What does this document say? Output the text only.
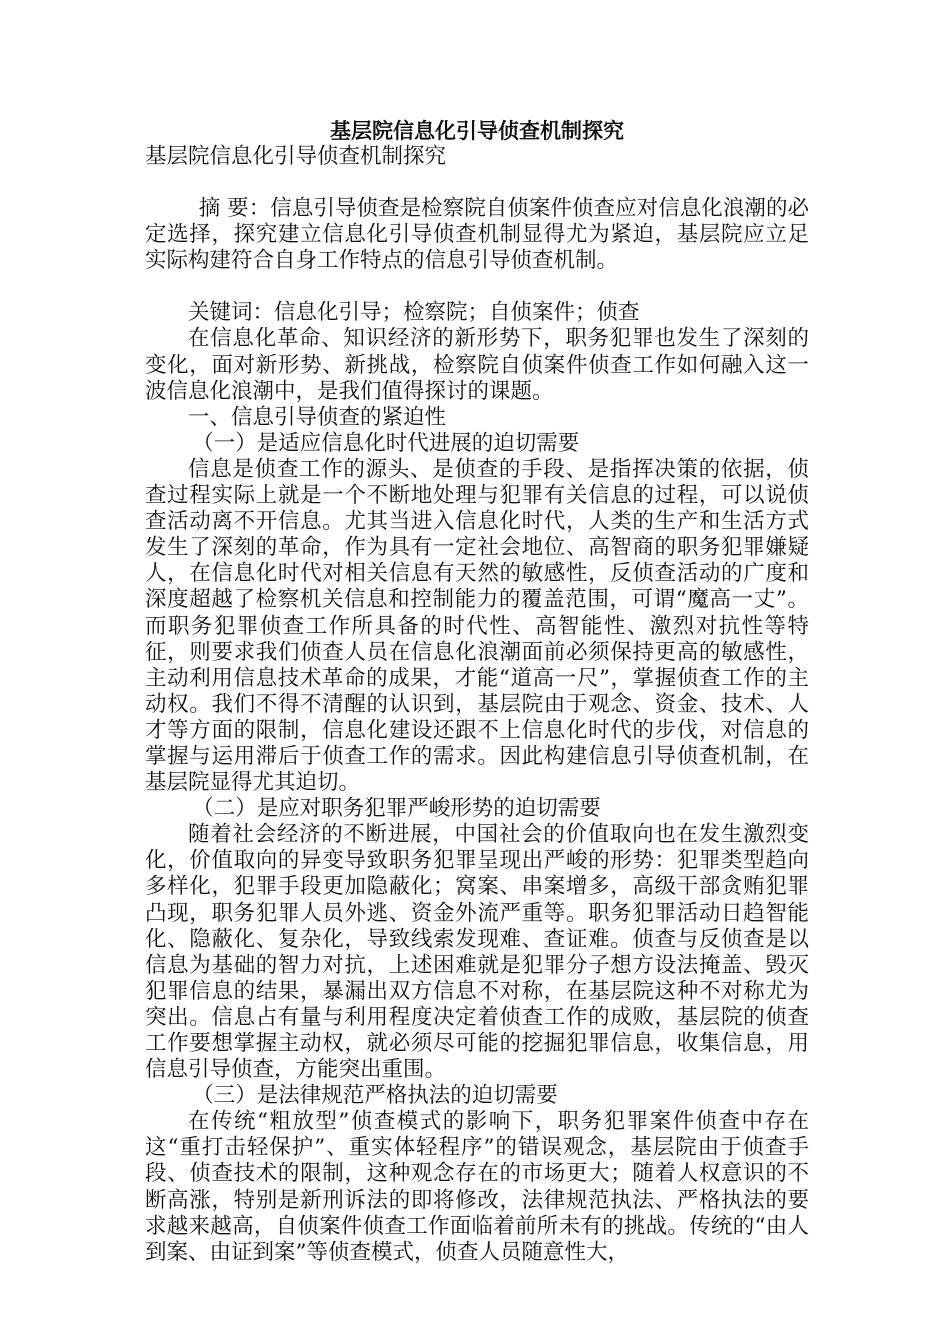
基层院信息化引导侦查机制探究

基层院信息化引导侦查机制探究

摘 要：信息引导侦查是检察院自侦案件侦查应对信息化浪潮的必定选择，探究建立信息化引导侦查机制显得尤为紧迫，基层院应立足实际构建符合自身工作特点的信息引导侦查机制。

关键词：信息化引导；检察院；自侦案件；侦查

在信息化革命、知识经济的新形势下，职务犯罪也发生了深刻的变化，面对新形势、新挑战，检察院自侦案件侦查工作如何融入这一波信息化浪潮中，是我们值得探讨的课题。

一、信息引导侦查的紧迫性

（一）是适应信息化时代进展的迫切需要

信息是侦查工作的源头、是侦查的手段、是指挥决策的依据，侦查过程实际上就是一个不断地处理与犯罪有关信息的过程，可以说侦查活动离不开信息。尤其当进入信息化时代，人类的生产和生活方式发生了深刻的革命，作为具有一定社会地位、高智商的职务犯罪嫌疑人，在信息化时代对相关信息有天然的敏感性，反侦查活动的广度和深度超越了检察机关信息和控制能力的覆盖范围，可谓“魔高一丈”。而职务犯罪侦查工作所具备的时代性、高智能性、激烈对抗性等特征，则要求我们侦查人员在信息化浪潮面前必须保持更高的敏感性，主动利用信息技术革命的成果，才能“道高一尺”，掌握侦查工作的主动权。我们不得不清醒的认识到，基层院由于观念、资金、技术、人才等方面的限制，信息化建设还跟不上信息化时代的步伐，对信息的掌握与运用滞后于侦查工作的需求。因此构建信息引导侦查机制，在基层院显得尤其迫切。

（二）是应对职务犯罪严峻形势的迫切需要

随着社会经济的不断进展，中国社会的价值取向也在发生激烈变化，价值取向的异变导致职务犯罪呈现出严峻的形势：犯罪类型趋向多样化，犯罪手段更加隐蔽化；窝案、串案增多，高级干部贪贿犯罪凸现，职务犯罪人员外逃、资金外流严重等。职务犯罪活动日趋智能化、隐蔽化、复杂化，导致线索发现难、查证难。侦查与反侦查是以信息为基础的智力对抗，上述困难就是犯罪分子想方设法掩盖、毁灭犯罪信息的结果，暴漏出双方信息不对称，在基层院这种不对称尤为突出。信息占有量与利用程度决定着侦查工作的成败，基层院的侦查工作要想掌握主动权，就必须尽可能的挖掘犯罪信息，收集信息，用信息引导侦查，方能突出重围。

（三）是法律规范严格执法的迫切需要

在传统“粗放型”侦查模式的影响下，职务犯罪案件侦查中存在这“重打击轻保护”、重实体轻程序”的错误观念，基层院由于侦查手段、侦查技术的限制，这种观念存在的市场更大；随着人权意识的不断高涨，特别是新刑诉法的即将修改，法律规范执法、严格执法的要求越来越高，自侦案件侦查工作面临着前所未有的挑战。传统的“由人到案、由证到案”等侦查模式，侦查人员随意性大，
